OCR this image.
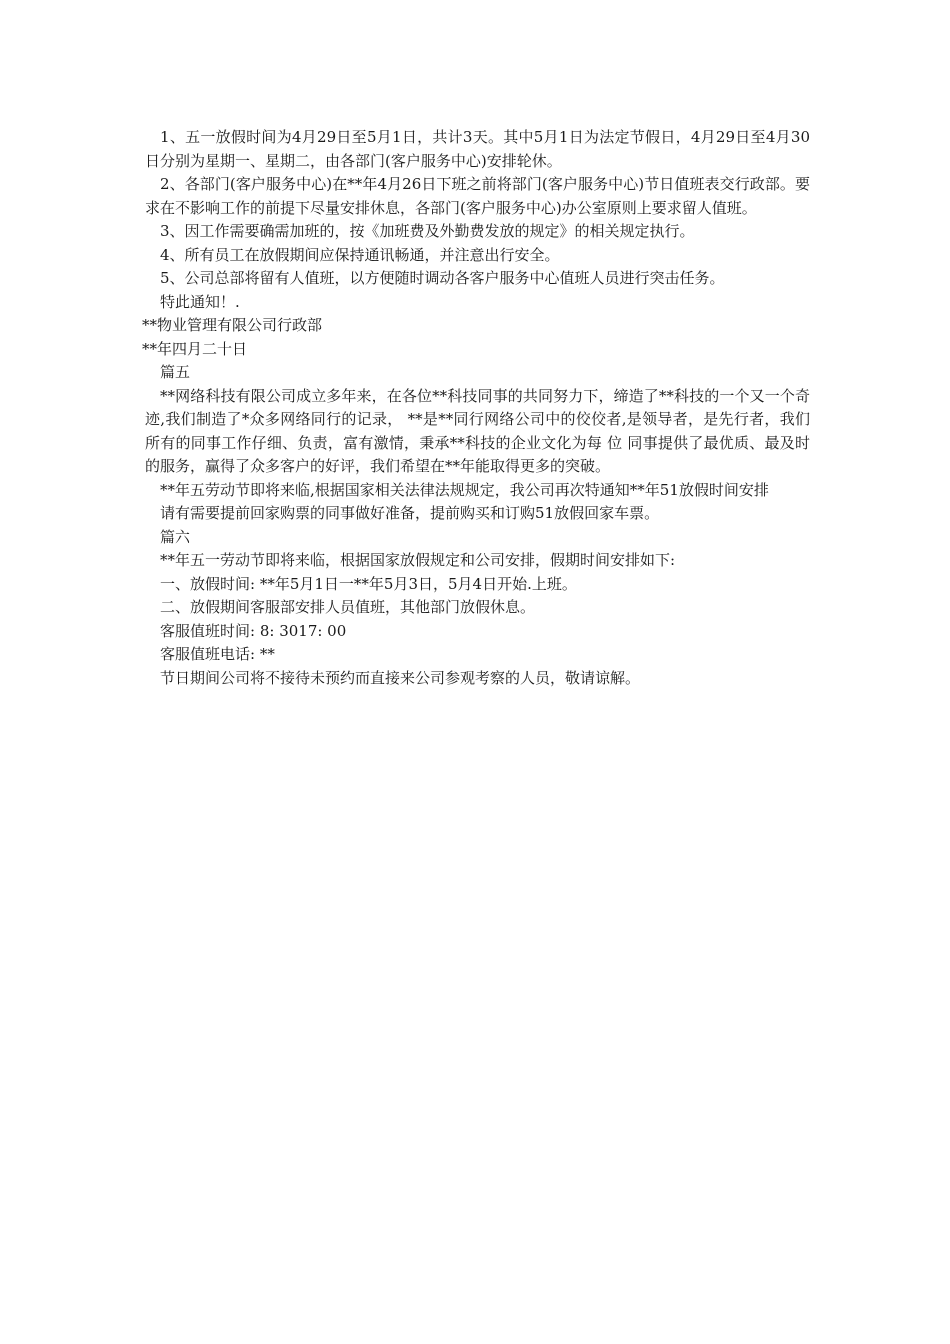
1、五一放假时间为4月29日至5月1日，共计3天。其中5月1日为法定节假日，4月29日至4月30日分别为星期一、星期二，由各部门(客户服务中心)安排轮休。

2、各部门(客户服务中心)在**年4月26日下班之前将部门(客户服务中心)节日值班表交行政部。要求在不影响工作的前提下尽量安排休息，各部门(客户服务中心)办公室原则上要求留人值班。

3、因工作需要确需加班的，按《加班费及外勤费发放的规定》的相关规定执行。

4、所有员工在放假期间应保持通讯畅通，并注意出行安全。

5、公司总部将留有人值班，以方便随时调动各客户服务中心值班人员进行突击任务。

特此通知！.

**物业管理有限公司行政部

**年四月二十日

篇五

**网络科技有限公司成立多年来，在各位**科技同事的共同努力下，缔造了**科技的一个又一个奇迹,我们制造了*众多网络同行的记录， **是**同行网络公司中的佼佼者,是领导者，是先行者，我们所有的同事工作仔细、负责，富有激情，秉承**科技的企业文化为每 位 同事提供了最优质、最及时的服务，赢得了众多客户的好评，我们希望在**年能取得更多的突破。

**年五劳动节即将来临,根据国家相关法律法规规定，我公司再次特通知**年51放假时间安排

请有需要提前回家购票的同事做好准备，提前购买和订购51放假回家车票。

篇六

**年五一劳动节即将来临，根据国家放假规定和公司安排，假期时间安排如下:

一、放假时间: **年5月1日一**年5月3日，5月4日开始.上班。

二、放假期间客服部安排人员值班，其他部门放假休息。

客服值班时间: 8: 3017: 00

客服值班电话: **

节日期间公司将不接待未预约而直接来公司参观考察的人员，敬请谅解。
